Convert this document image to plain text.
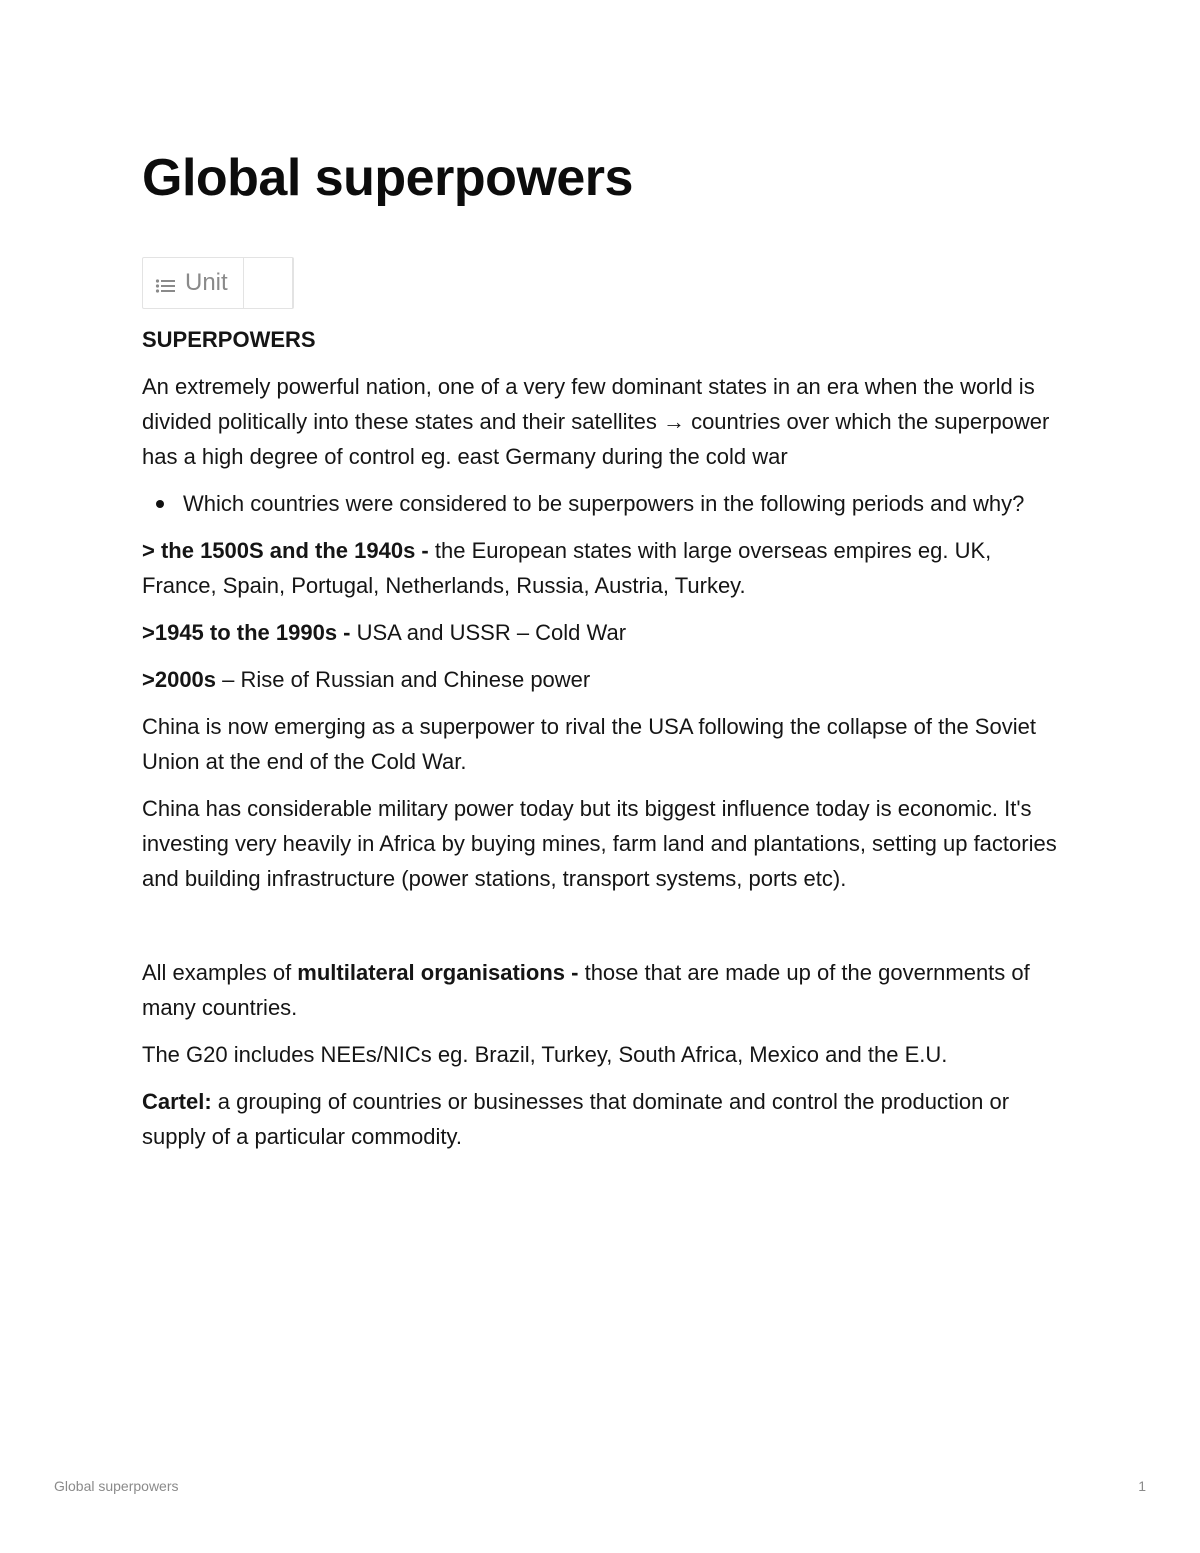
Global superpowers
Unit

SUPERPOWERS

An extremely powerful nation, one of a very few dominant states in an era when the world is divided politically into these states and their satellites → countries over which the superpower has a high degree of control eg. east Germany during the cold war

Which countries were considered to be superpowers in the following periods and why?

> the 1500S and the 1940s - the European states with large overseas empires eg. UK, France, Spain, Portugal, Netherlands, Russia, Austria, Turkey.

>1945 to the 1990s - USA and USSR – Cold War

>2000s – Rise of Russian and Chinese power

China is now emerging as a superpower to rival the USA following the collapse of the Soviet Union at the end of the Cold War.

China has considerable military power today but its biggest influence today is economic. It's investing very heavily in Africa by buying mines, farm land and plantations, setting up factories and building infrastructure (power stations, transport systems, ports etc).

All examples of multilateral organisations - those that are made up of the governments of many countries.

The G20 includes NEEs/NICs eg. Brazil, Turkey, South Africa, Mexico and the E.U.

Cartel: a grouping of countries or businesses that dominate and control the production or supply of a particular commodity.

Global superpowers	1
